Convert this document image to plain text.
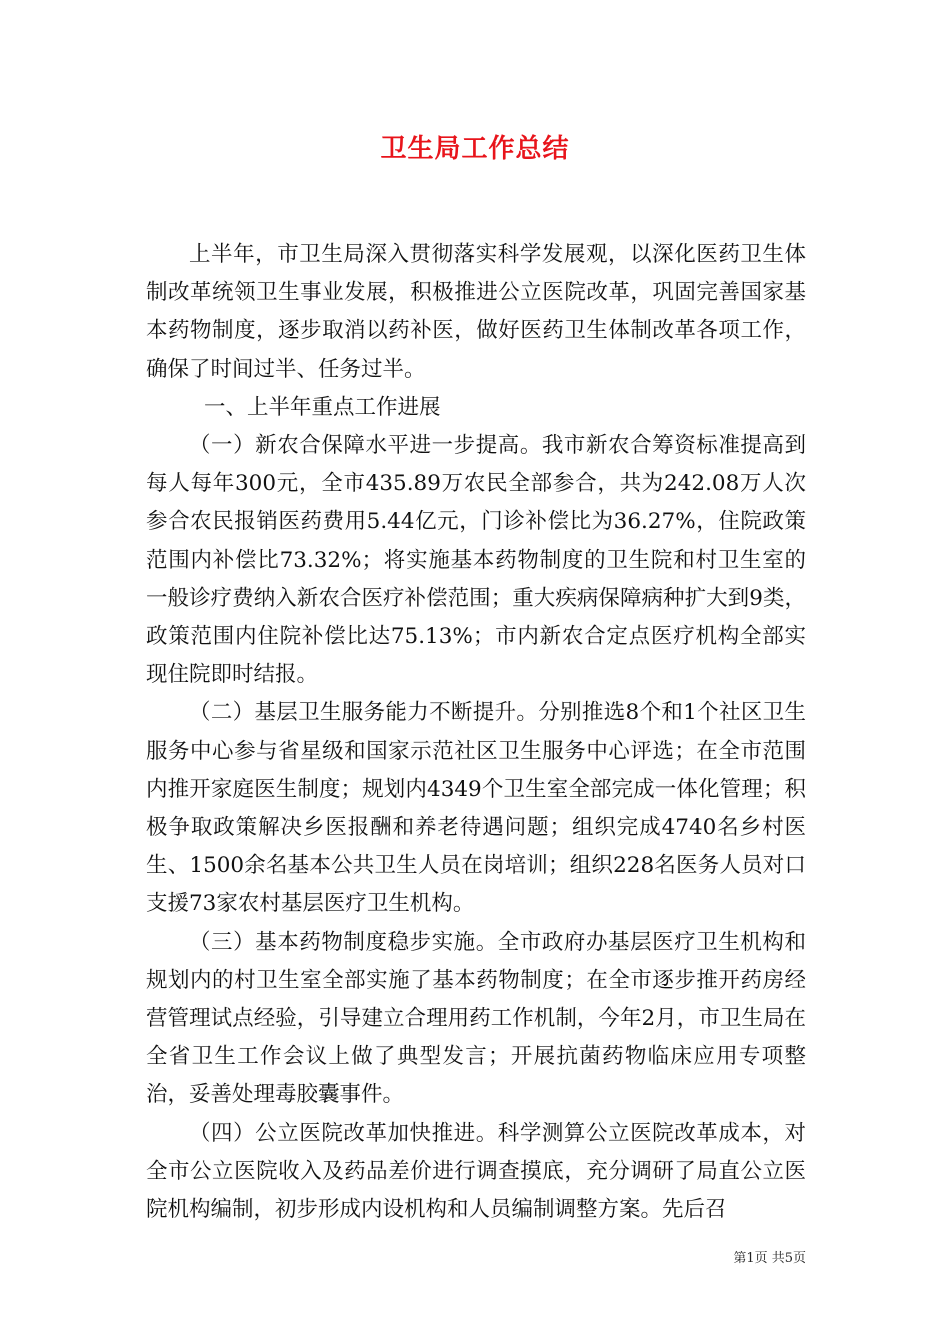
卫生局工作总结

上半年，市卫生局深入贯彻落实科学发展观，以深化医药卫生体制改革统领卫生事业发展，积极推进公立医院改革，巩固完善国家基本药物制度，逐步取消以药补医，做好医药卫生体制改革各项工作，确保了时间过半、任务过半。

一、上半年重点工作进展

（一）新农合保障水平进一步提高。我市新农合筹资标准提高到每人每年300元，全市435.89万农民全部参合，共为242.08万人次参合农民报销医药费用5.44亿元，门诊补偿比为36.27%，住院政策范围内补偿比73.32%；将实施基本药物制度的卫生院和村卫生室的一般诊疗费纳入新农合医疗补偿范围；重大疾病保障病种扩大到9类，政策范围内住院补偿比达75.13%；市内新农合定点医疗机构全部实现住院即时结报。

（二）基层卫生服务能力不断提升。分别推选8个和1个社区卫生服务中心参与省星级和国家示范社区卫生服务中心评选；在全市范围内推开家庭医生制度；规划内4349个卫生室全部完成一体化管理；积极争取政策解决乡医报酬和养老待遇问题；组织完成4740名乡村医生、1500余名基本公共卫生人员在岗培训；组织228名医务人员对口支援73家农村基层医疗卫生机构。

（三）基本药物制度稳步实施。全市政府办基层医疗卫生机构和规划内的村卫生室全部实施了基本药物制度；在全市逐步推开药房经营管理试点经验，引导建立合理用药工作机制，今年2月，市卫生局在全省卫生工作会议上做了典型发言；开展抗菌药物临床应用专项整治，妥善处理毒胶囊事件。

（四）公立医院改革加快推进。科学测算公立医院改革成本，对全市公立医院收入及药品差价进行调查摸底，充分调研了局直公立医院机构编制，初步形成内设机构和人员编制调整方案。先后召

第1页 共5页
